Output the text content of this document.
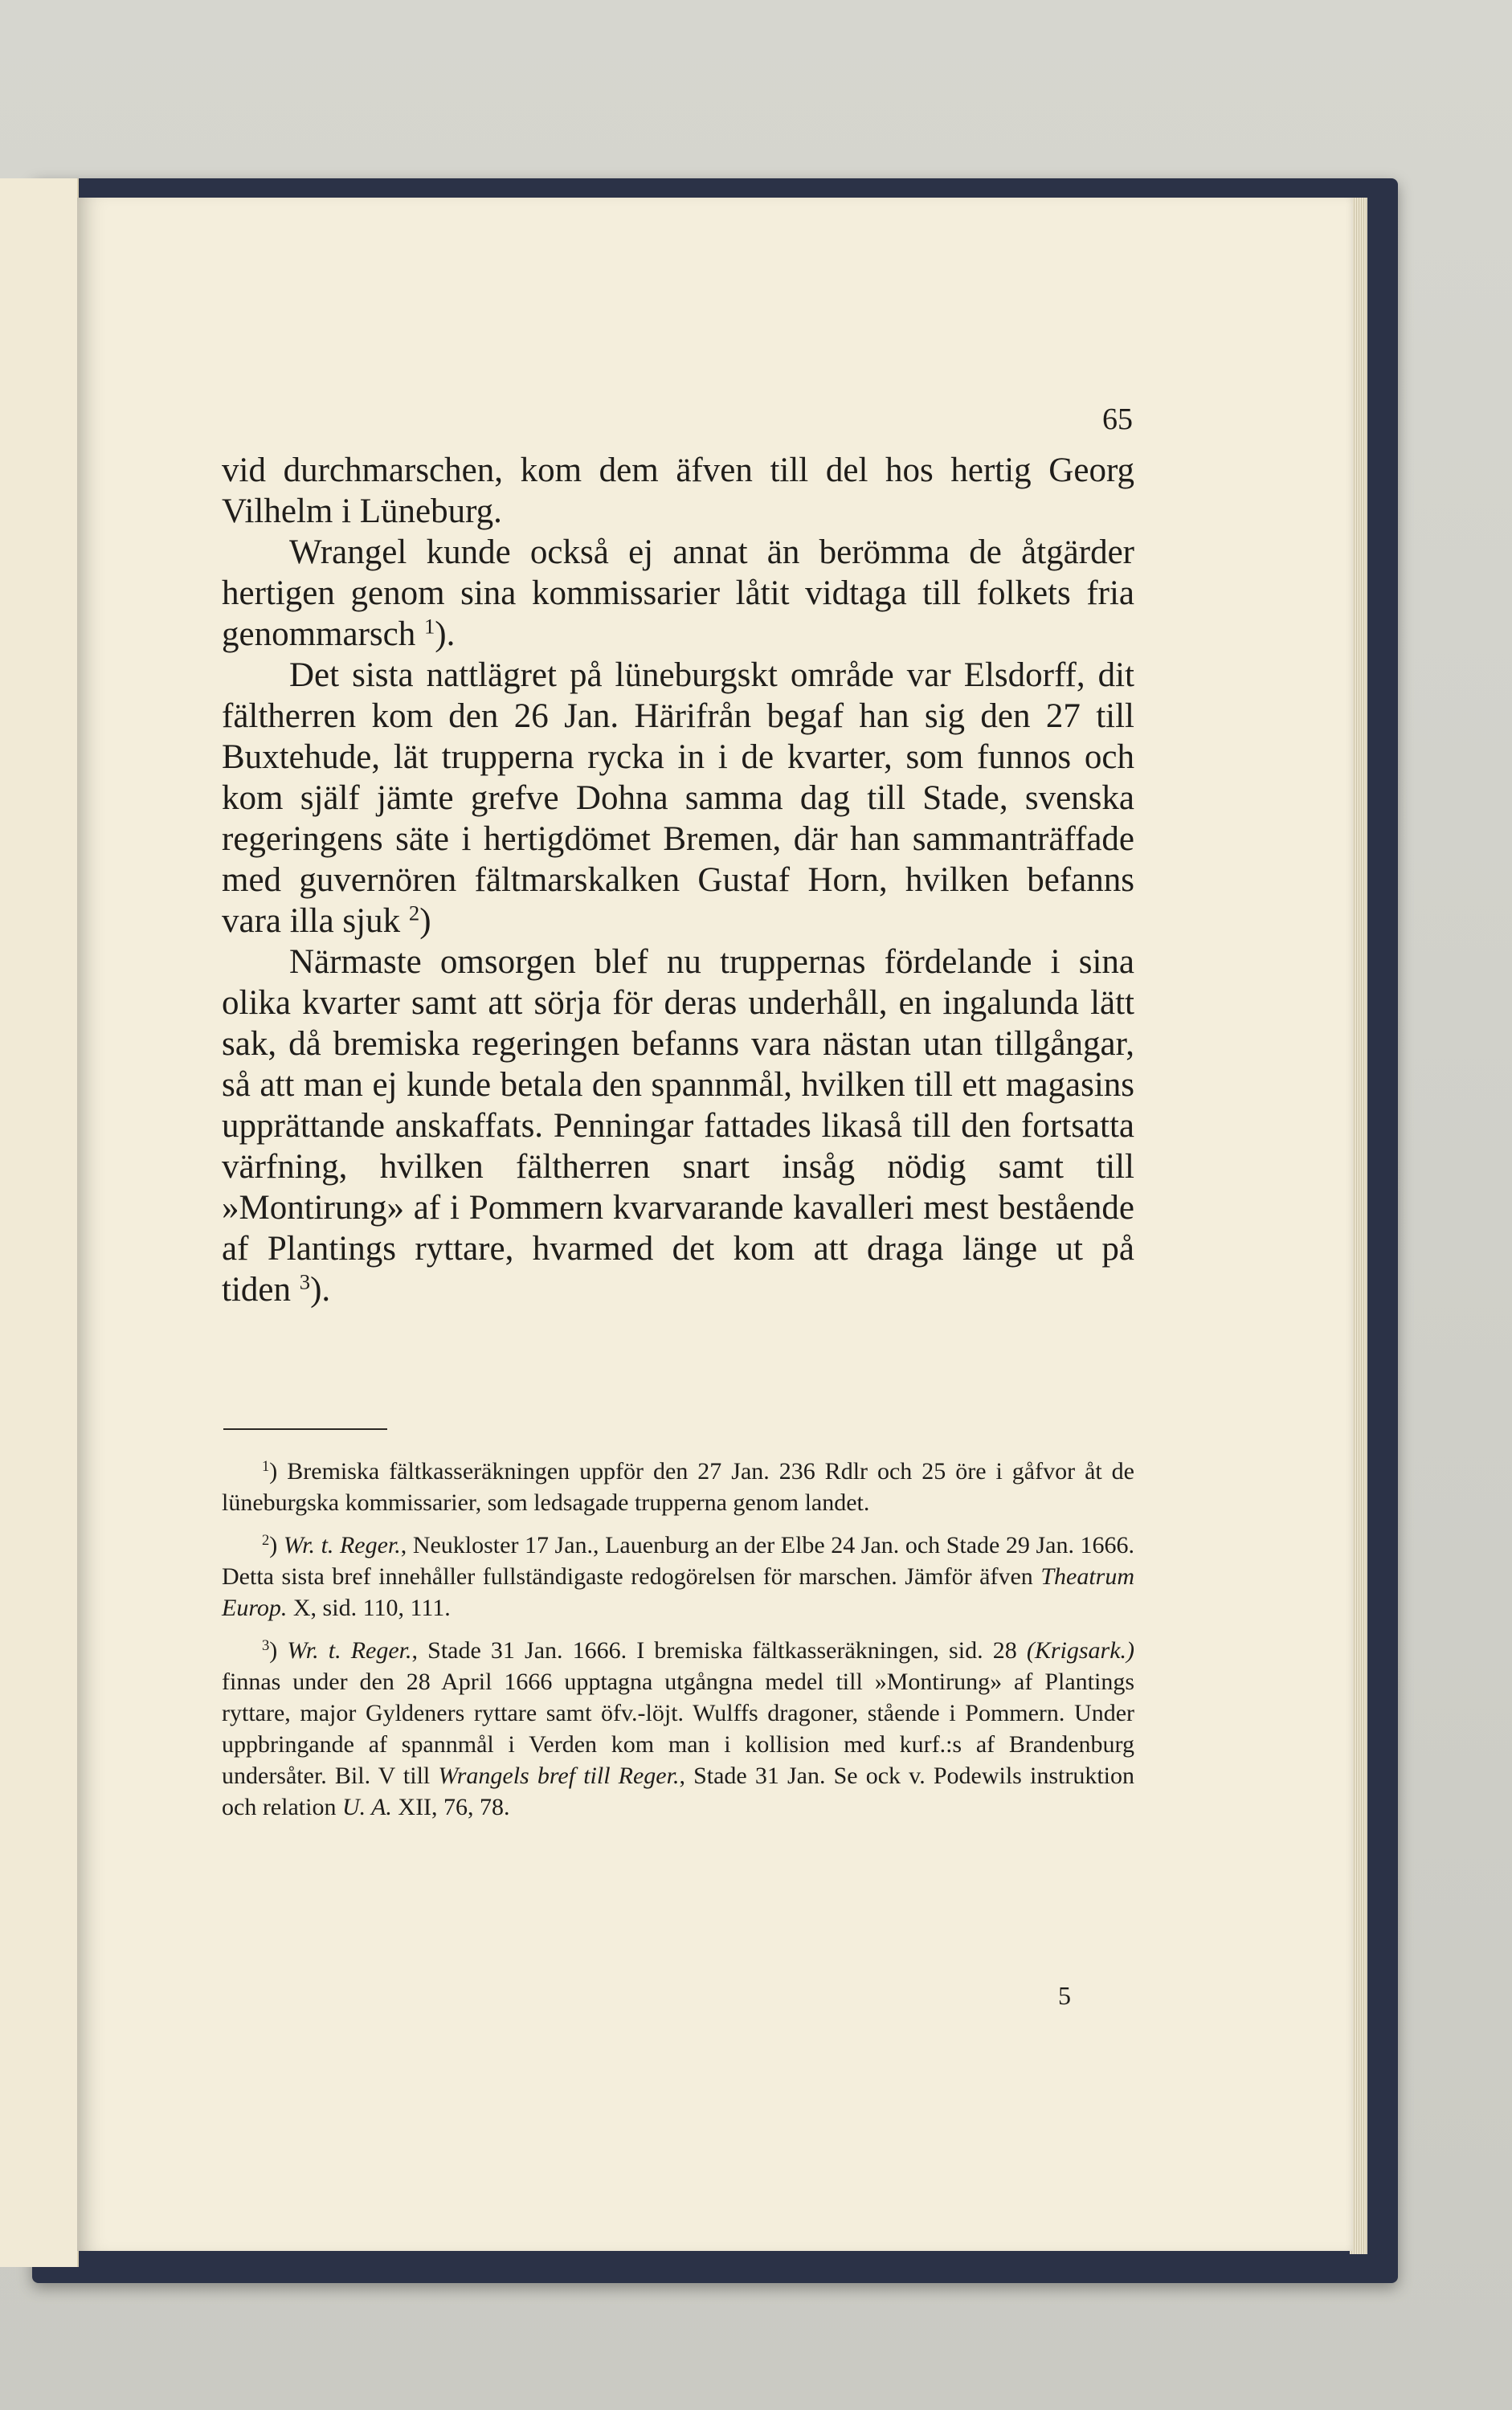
65

vid durchmarschen, kom dem äfven till del hos hertig Georg Vilhelm i Lüneburg.

Wrangel kunde också ej annat än berömma de åtgärder hertigen genom sina kommissarier låtit vidtaga till folkets fria genommarsch $^1$).

Det sista nattlägret på lüneburgskt område var Elsdorff, dit fältherren kom den 26 Jan. Härifrån begaf han sig den 27 till Buxtehude, lät trupperna rycka in i de kvarter, som funnos och kom själf jämte grefve Dohna samma dag till Stade, svenska regeringens säte i hertigdömet Bremen, där han sammanträffade med guvernören fältmarskalken Gustaf Horn, hvilken befanns vara illa sjuk $^2$)

Närmaste omsorgen blef nu truppernas fördelande i sina olika kvarter samt att sörja för deras underhåll, en ingalunda lätt sak, då bremiska regeringen befanns vara nästan utan tillgångar, så att man ej kunde betala den spannmål, hvilken till ett magasins upprättande anskaffats. Penningar fattades likaså till den fortsatta värfning, hvilken fältherren snart insåg nödig samt till »Montirung» af i Pommern kvarvarande kavalleri mest bestående af Plantings ryttare, hvarmed det kom att draga länge ut på tiden $^3$).

$^1$) Bremiska fältkasseräkningen uppför den 27 Jan. 236 Rdlr och 25 öre i gåfvor åt de lüneburgska kommissarier, som ledsagade trupperna genom landet.

$^2$) Wr. t. Reger., Neukloster 17 Jan., Lauenburg an der Elbe 24 Jan. och Stade 29 Jan. 1666. Detta sista bref innehåller fullständigaste redogörelsen för marschen. Jämför äfven Theatrum Europ. X, sid. 110, 111.

$^3$) Wr. t. Reger., Stade 31 Jan. 1666. I bremiska fältkasseräkningen, sid. 28 (Krigsark.) finnas under den 28 April 1666 upptagna utgångna medel till »Montirung» af Plantings ryttare, major Gyldeners ryttare samt öfv.-löjt. Wulffs dragoner, stående i Pommern. Under uppbringande af spannmål i Verden kom man i kollision med kurf.:s af Brandenburg undersåter. Bil. V till Wrangels bref till Reger., Stade 31 Jan. Se ock v. Podewils instruktion och relation U. A. XII, 76, 78.

5
